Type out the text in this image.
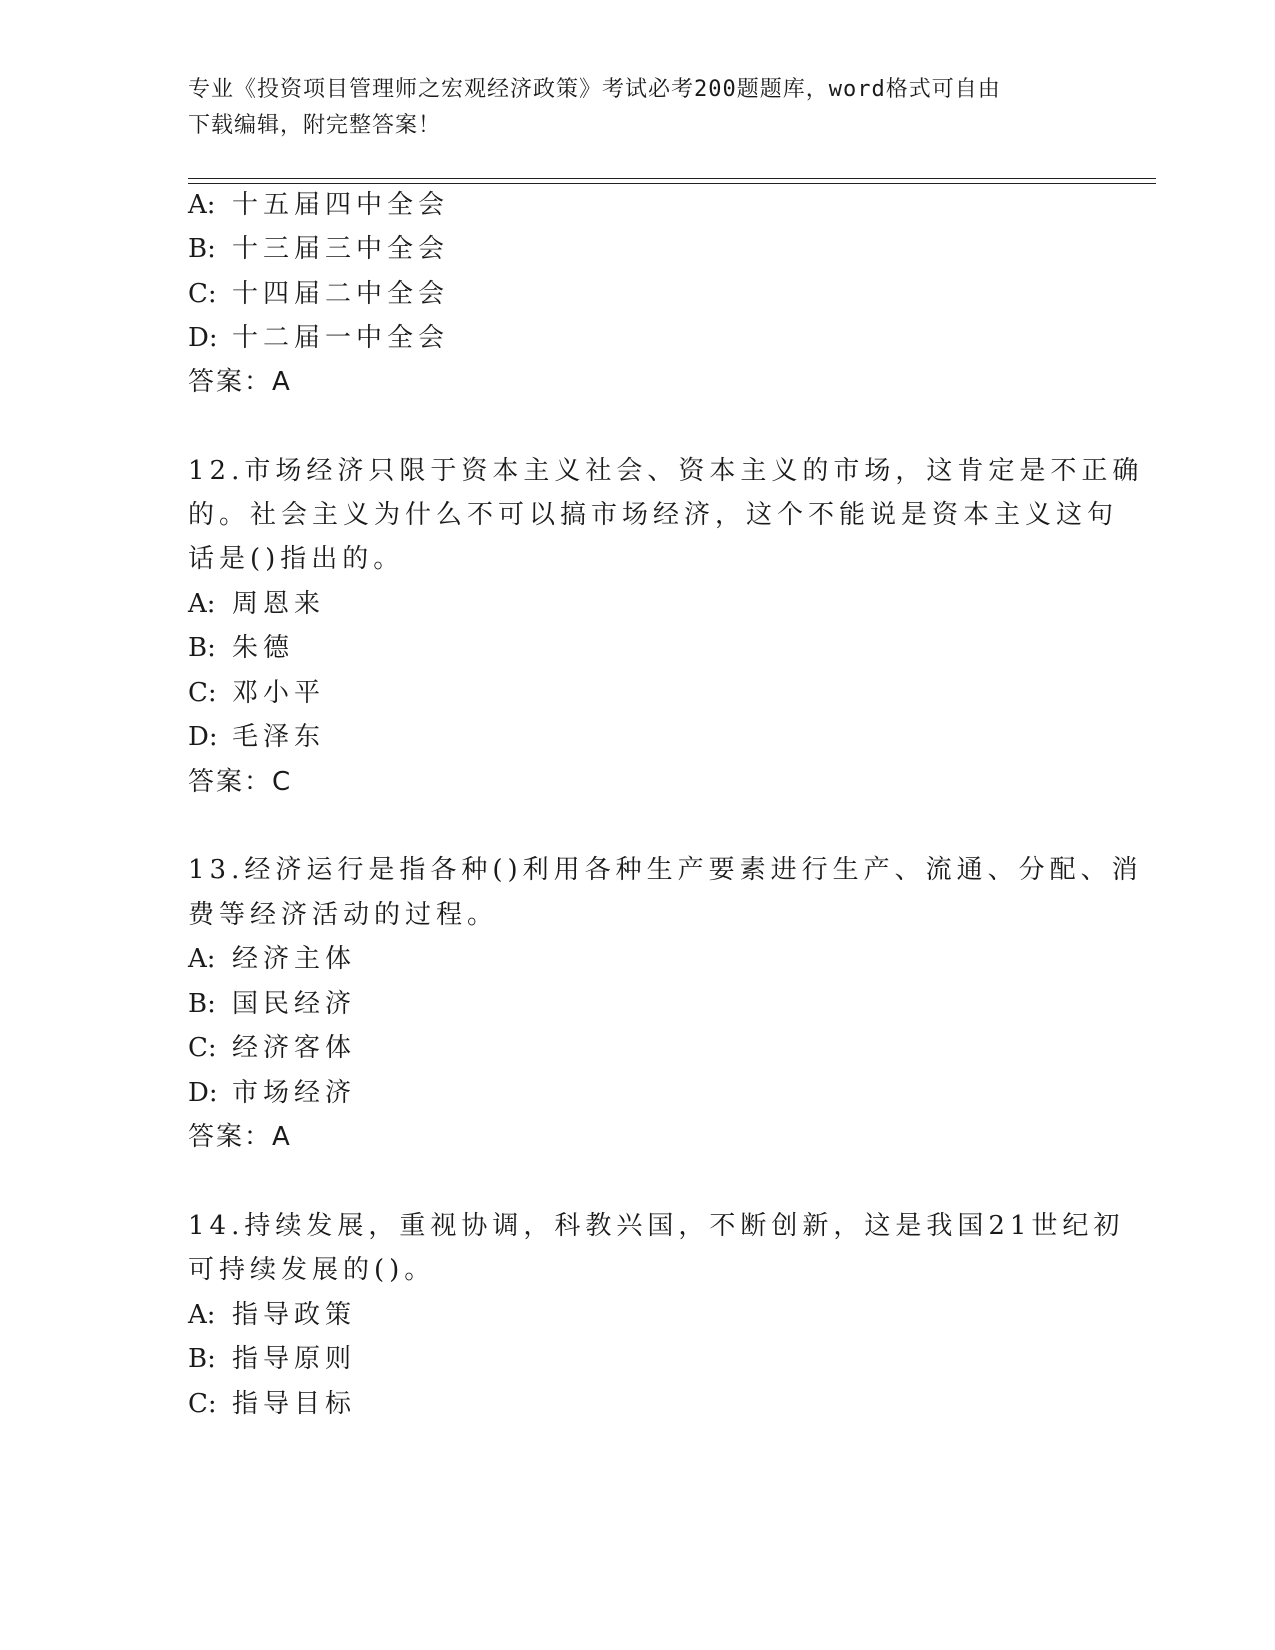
专业《投资项目管理师之宏观经济政策》考试必考200题题库，word格式可自由
下载编辑，附完整答案！
A: 十五届四中全会
B: 十三届三中全会
C: 十四届二中全会
D: 十二届一中全会
答案：A
12.市场经济只限于资本主义社会、资本主义的市场，这肯定是不正确
的。社会主义为什么不可以搞市场经济，这个不能说是资本主义这句
话是()指出的。
A: 周恩来
B: 朱德
C: 邓小平
D: 毛泽东
答案：C
13.经济运行是指各种()利用各种生产要素进行生产、流通、分配、消
费等经济活动的过程。
A: 经济主体
B: 国民经济
C: 经济客体
D: 市场经济
答案：A
14.持续发展，重视协调，科教兴国，不断创新，这是我国21世纪初
可持续发展的()。
A: 指导政策
B: 指导原则
C: 指导目标
